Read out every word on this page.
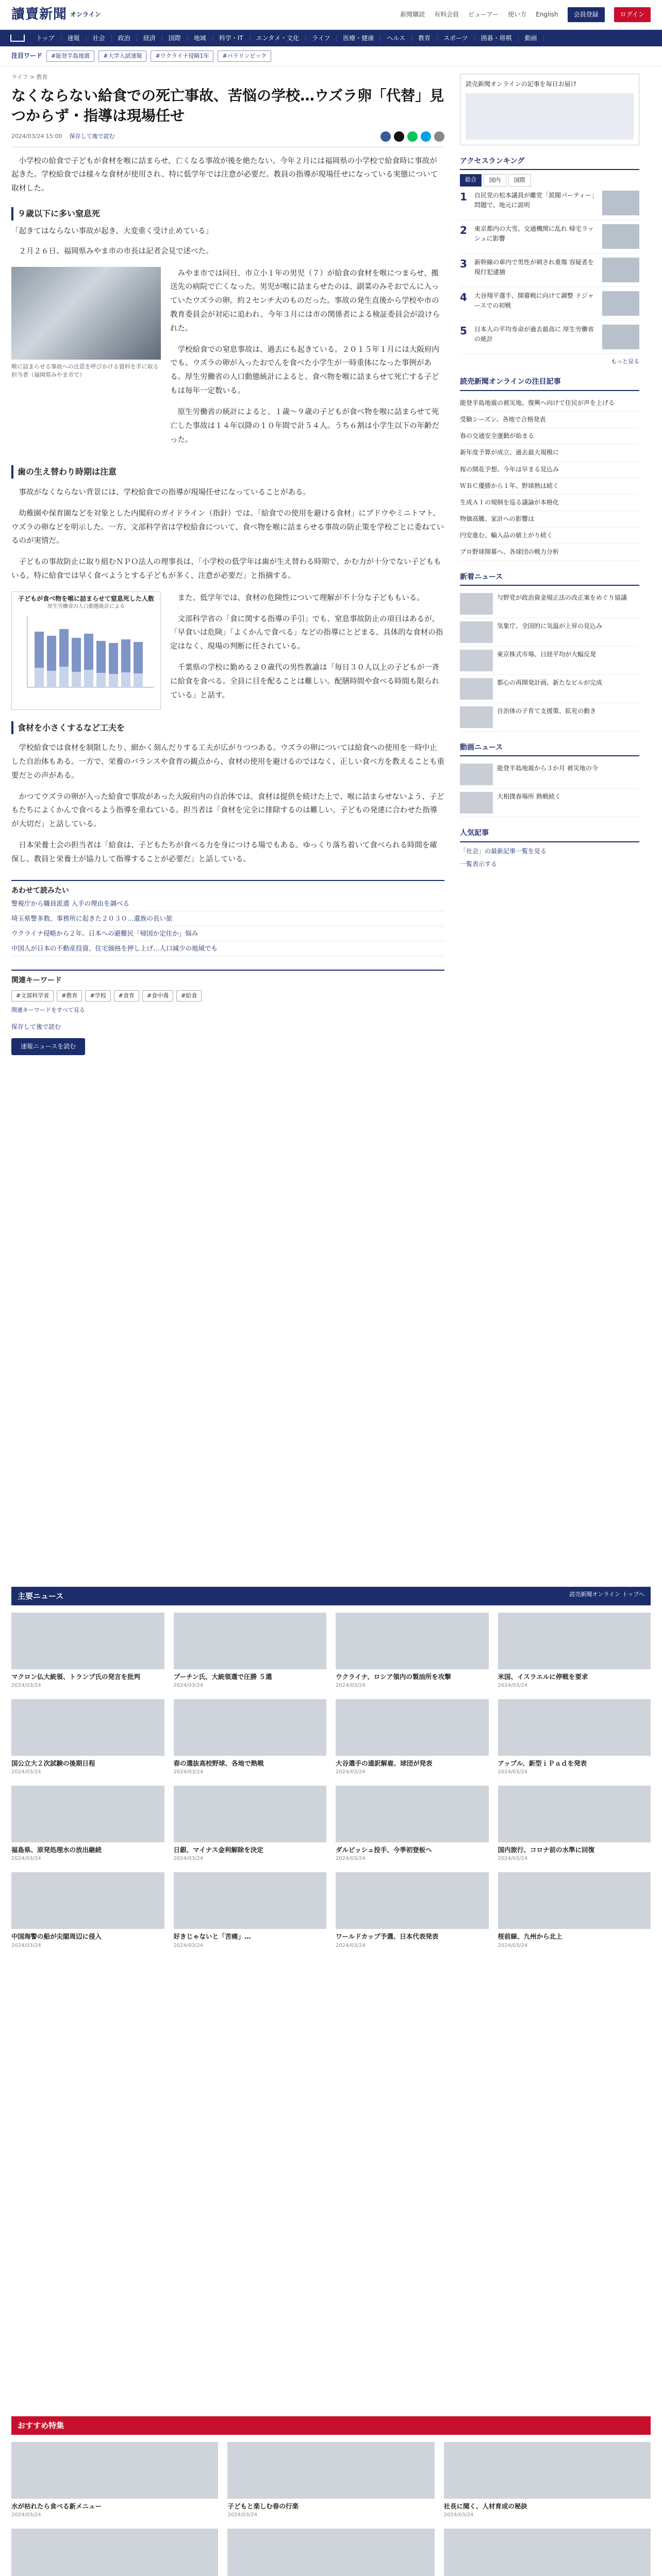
讀賣新聞 オンライン	新聞購読 有料会員 ビューアー 使い方 English	会員登録	ログイン
トップ	速報	社会	政治	経済	国際	地域	科学・IT	エンタメ・文化	ライフ	医療・健康	ヘルス	教育	スポーツ	囲碁・将棋	動画
注目ワード	#能登半島地震	#大学入試速報	#ウクライナ侵略1年	#パラリンピック
ライフ > 教育
なくならない給食での死亡事故、苦悩の学校…ウズラ卵「代替」見つからず・指導は現場任せ
2024/03/24 15:00 保存して後で読む

小学校の給食で子どもが食材を喉に詰まらせ、亡くなる事故が後を絶たない。今年２月には福岡県の小学校で給食時に事故が起きた。学校給食では様々な食材が使用され、特に低学年では注意が必要だ。教員の指導が現場任せになっている実態について取材した。

９歳以下に多い窒息死

「起きてはならない事故が起き、大変重く受け止めている」

２月２６日、福岡県みやま市の市長は記者会見で述べた。

喉に詰まらせる事故への注意を呼びかける資料を手に取る担当者（福岡県みやま市で）

みやま市では同日、市立小１年の男児（７）が給食の食材を喉につまらせ、搬送先の病院で亡くなった。男児が喉に詰まらせたのは、副菜のみそおでんに入っていたウズラの卵。約２センチ大のものだった。事故の発生直後から学校や市の教育委員会が対応に追われ、今年３月には市の関係者による検証委員会が設けられた。

学校給食での窒息事故は、過去にも起きている。２０１５年１月には大阪府内でも、ウズラの卵が入ったおでんを食べた小学生が一時重体になった事例がある。厚生労働省の人口動態統計によると、食べ物を喉に詰まらせて死亡する子どもは毎年一定数いる。

原生労働省の統計によると、１歳～９歳の子どもが食べ物を喉に詰まらせて死亡した事故は１４年以降の１０年間で計５４人。うち６割は小学生以下の年齢だった。

歯の生え替わり時期は注意

事故がなくならない背景には、学校給食での指導が現場任せになっていることがある。

幼稚園や保育園などを対象とした内閣府のガイドライン（指針）では、「給食での使用を避ける食材」にブドウやミニトマト、ウズラの卵などを明示した。一方、文部科学省は学校給食について、食べ物を喉に詰まらせる事故の防止策を学校ごとに委ねているのが実情だ。

子どもの事故防止に取り組むＮＰＯ法人の理事長は、「小学校の低学年は歯が生え替わる時期で、かむ力が十分でない子どももいる。特に給食では早く食べようとする子どもが多く、注意が必要だ」と指摘する。

子どもが食べ物を喉に詰まらせて窒息死した人数
厚生労働省の人口動態統計による

また、低学年では、食材の危険性について理解が不十分な子どももいる。

文部科学省の「食に関する指導の手引」でも、窒息事故防止の項目はあるが、「早食いは危険」「よくかんで食べる」などの指導にとどまる。具体的な食材の指定はなく、現場の判断に任されている。

千葉県の学校に勤める２０歳代の男性教諭は「毎日３０人以上の子どもが一斉に給食を食べる。全員に目を配ることは難しい。配膳時間や食べる時間も限られている」と話す。

食材を小さくするなど工夫を

学校給食では食材を制限したり、細かく刻んだりする工夫が広がりつつある。ウズラの卵については給食への使用を一時中止した自治体もある。一方で、栄養のバランスや食育の観点から、食材の使用を避けるのではなく、正しい食べ方を教えることも重要だとの声がある。

かつてウズラの卵が入った給食で事故があった大阪府内の自治体では、食材は提供を続けた上で、喉に詰まらせないよう、子どもたちによくかんで食べるよう指導を重ねている。担当者は「食材を完全に排除するのは難しい。子どもの発達に合わせた指導が大切だ」と話している。

日本栄養士会の担当者は「給食は、子どもたちが食べる力を身につける場でもある。ゆっくり落ち着いて食べられる時間を確保し、教員と栄養士が協力して指導することが必要だ」と話している。

あわせて読みたい
警視庁から職員派遣 入手の理由を調べる
埼玉県警多数、事務所に起きた２０３０…遺族の長い旅
ウクライナ侵略から２年、日本への避難民「帰国か定住か」悩み
中国人が日本の不動産投資、住宅価格を押し上げ…人口減少の地域でも
関連キーワード
#文部科学省	#教育	#学校	#食育	#食中毒	#給食
関連キーワードをすべて見る
保存して後で読む
速報ニュースを読む
読売新聞オンラインの記事を毎日お届け
アクセスランキング
総合	国内	国際
1	自民党の松本議員が離党「派閥パーティー」問題で、地元に説明
2	東京都内の大雪、交通機関に乱れ 帰宅ラッシュに影響
3	新幹線の車内で男性が刺され重傷 容疑者を現行犯逮捕
4	大谷翔平選手、開幕戦に向けて調整 ドジャースでの初戦
5	日本人の平均寿命が過去最高に 厚生労働省の統計
もっと見る
読売新聞オンラインの注目記事
能登半島地震の被災地、復興へ向けて住民が声を上げる
受験シーズン、各地で合格発表
春の交通安全運動が始まる
新年度予算が成立、過去最大規模に
桜の開花予想、今年は早まる見込み
ＷＢＣ優勝から１年、野球熱は続く
生成ＡＩの規制を巡る議論が本格化
物価高騰、家計への影響は
円安進む、輸入品の値上がり続く
プロ野球開幕へ、各球団の戦力分析
新着ニュース
与野党が政治資金規正法の改正案をめぐり協議
気象庁、全国的に気温が上昇の見込み
東京株式市場、日経平均が大幅反発
都心の再開発計画、新たなビルが完成
自治体の子育て支援策、拡充の動き
動画ニュース
能登半島地震から３か月 被災地の今
大相撲春場所 熱戦続く
人気記事
「社会」の最新記事一覧を見る
一覧表示する
主要ニュース	読売新聞オンライン トップへ
マクロン仏大統領、トランプ氏の発言を批判
2024/03/24
プーチン氏、大統領選で圧勝 ５選
2024/03/24
ウクライナ、ロシア領内の製油所を攻撃
2024/03/24
米国、イスラエルに停戦を要求
2024/03/24
国公立大２次試験の後期日程
2024/03/24
春の選抜高校野球、各地で熱戦
2024/03/24
大谷選手の通訳解雇、球団が発表
2024/03/24
アップル、新型ｉＰａｄを発表
2024/03/24
福島県、原発処理水の放出継続
2024/03/24
日銀、マイナス金利解除を決定
2024/03/24
ダルビッシュ投手、今季初登板へ
2024/03/24
国内旅行、コロナ前の水準に回復
2024/03/24
中国海警の船が尖閣周辺に侵入
2024/03/24
好きじゃないと「苦痛」…
2024/03/24
ワールドカップ予選、日本代表発表
2024/03/24
桜前線、九州から北上
2024/03/24
おすすめ特集
水が枯れたら食べる新メニュー
2024/03/24
子どもと楽しむ春の行楽
2024/03/24
社長に聞く、人材育成の秘訣
2024/03/24
